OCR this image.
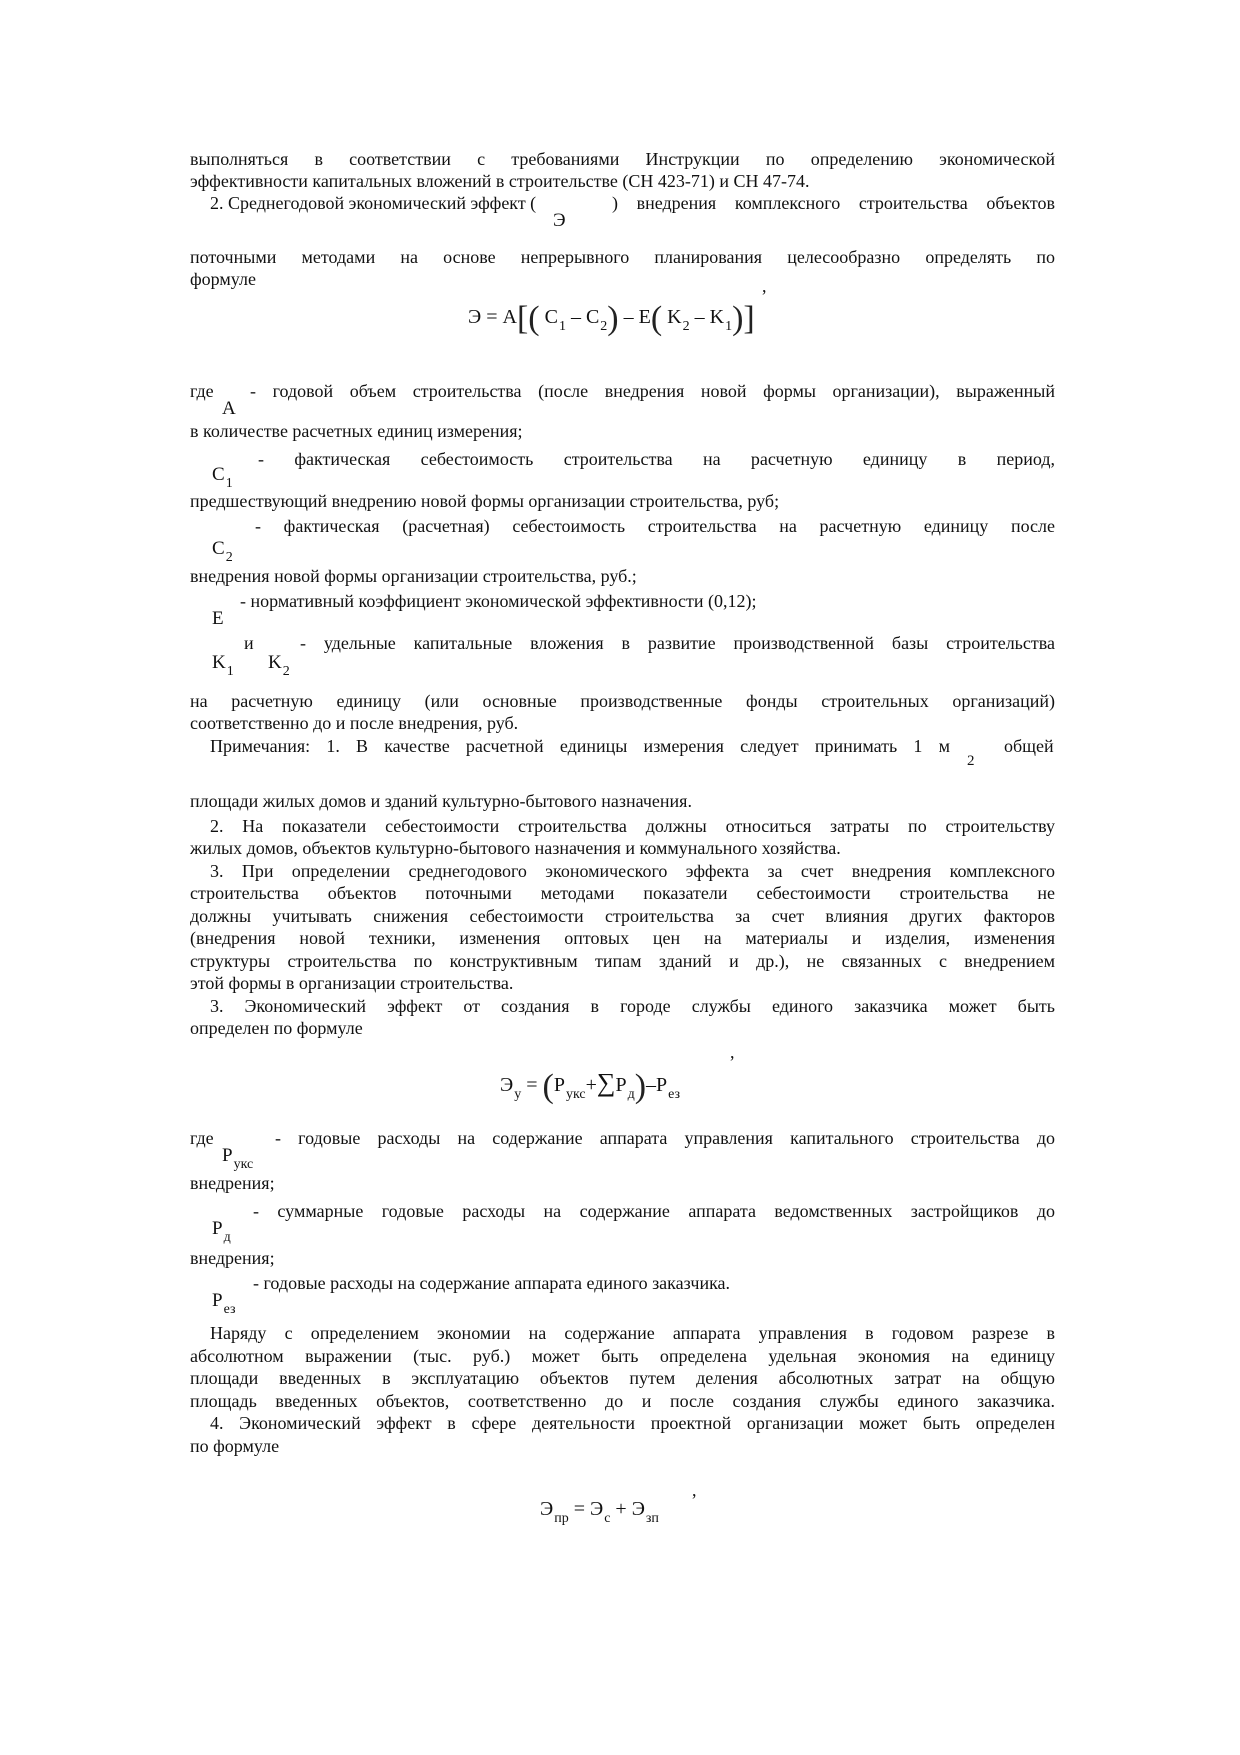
Э
A
$C_1$
$C_2$
E
$K_1$ $K_2$
2
$P_{укс}$
$P_д$
$P_{ез}$
Э = A[( $C_1 - C_2) - E$( $K_2 - K_1$)]
,
$Э_у = (P_{укс}+\sum P_д)-P_{ез}$
,
$Э_{пр} = Э_с + Э_{зп}$
,
выполняться в соответствии с требованиями Инструкции по определению экономической
эффективности капитальных вложений в строительстве (СН 423-71) и СН 47-74.
2. Среднегодовой экономический эффект (	) внедрения комплексного строительства объектов
поточными методами на основе непрерывного планирования целесообразно определять по
формуле
где - годовой объем строительства (после внедрения новой формы организации), выраженный
в количестве расчетных единиц измерения;
- фактическая себестоимость строительства на расчетную единицу в период,
предшествующий внедрению новой формы организации строительства, руб;
- фактическая (расчетная) себестоимость строительства на расчетную единицу после
внедрения новой формы организации строительства, руб.;
- нормативный коэффициент экономической эффективности (0,12);
и	- удельные капитальные вложения в развитие производственной базы строительства
на расчетную единицу (или основные производственные фонды строительных организаций)
соответственно до и после внедрения, руб.
Примечания: 1. В качестве расчетной единицы измерения следует принимать 1 м	общей
площади жилых домов и зданий культурно-бытового назначения.
2. На показатели себестоимости строительства должны относиться затраты по строительству
жилых домов, объектов культурно-бытового назначения и коммунального хозяйства.
3. При определении среднегодового экономического эффекта за счет внедрения комплексного
строительства объектов поточными методами показатели себестоимости строительства не
должны учитывать снижения себестоимости строительства за счет влияния других факторов
(внедрения новой техники, изменения оптовых цен на материалы и изделия, изменения
структуры строительства по конструктивным типам зданий и др.), не связанных с внедрением
этой формы в организации строительства.
3. Экономический эффект от создания в городе службы единого заказчика может быть
определен по формуле
где	- годовые расходы на содержание аппарата управления капитального строительства до
внедрения;
- суммарные годовые расходы на содержание аппарата ведомственных застройщиков до
внедрения;
- годовые расходы на содержание аппарата единого заказчика.
Наряду с определением экономии на содержание аппарата управления в годовом разрезе в
абсолютном выражении (тыс. руб.) может быть определена удельная экономия на единицу
площади введенных в эксплуатацию объектов путем деления абсолютных затрат на общую
площадь введенных объектов, соответственно до и после создания службы единого заказчика.
4. Экономический эффект в сфере деятельности проектной организации может быть определен
по формуле
